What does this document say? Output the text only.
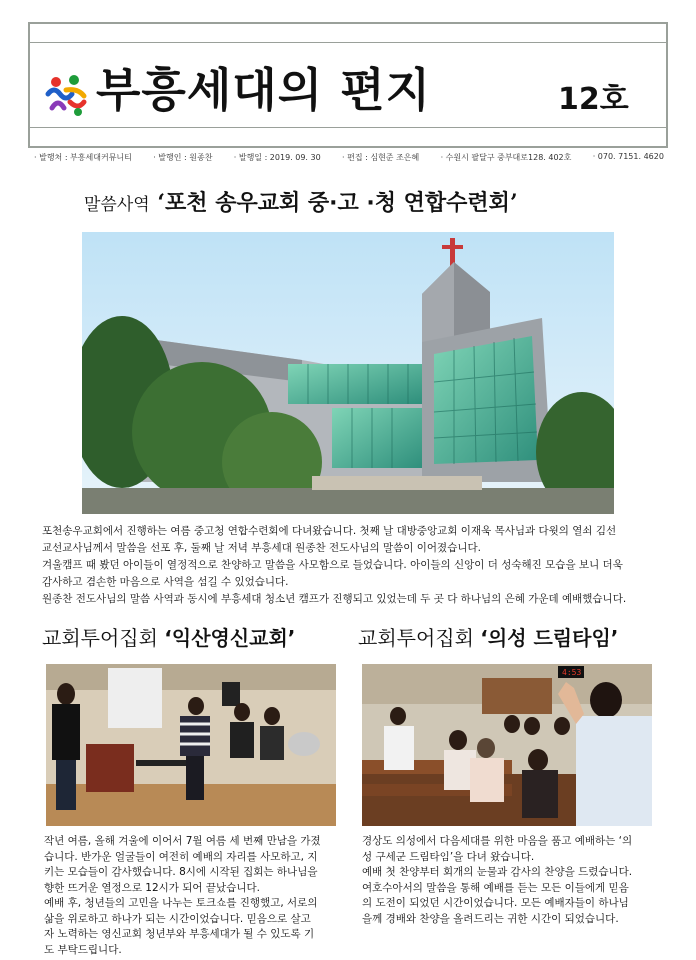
부흥세대의 편지	12호
· 발행처 : 부흥세대커뮤니티	· 발행인 : 원종찬	· 발행일 : 2019. 09. 30	· 편집 : 심현준 조은혜	· 수원시 팔달구 중부대로128. 402호	· 070. 7151. 4620
말씀사역 ‘포천 송우교회 중·고 ·청 연합수련회’

포천송우교회에서 진행하는 여름 중고청 연합수련회에 다녀왔습니다. 첫째 날 대방중앙교회 이재욱 목사님과 다윗의 열쇠 김선

교선교사님께서 말씀을 선포 후, 둘째 날 저녁 부흥세대 원종찬 전도사님의 말씀이 이어졌습니다.

겨울캠프 때 봤던 아이들이 열정적으로 찬양하고 말씀을 사모함으로 들었습니다. 아이들의 신앙이 더 성숙해진 모습을 보니 더욱

감사하고 겸손한 마음으로 사역을 섬길 수 있었습니다.

원종찬 전도사님의 말씀 사역과 동시에 부흥세대 청소년 캠프가 진행되고 있었는데 두 곳 다 하나님의 은혜 가운데 예배했습니다.

교회투어집회 ‘익산영신교회’	교회투어집회 ‘의성 드림타임’
4:53

작년 여름, 올해 겨울에 이어서 7월 여름 세 번째 만남을 가졌

습니다. 반가운 얼굴들이 여전히 예배의 자리를 사모하고, 지

키는 모습들이 감사했습니다. 8시에 시작된 집회는 하나님을

향한 뜨거운 열정으로 12시가 되어 끝났습니다.

예배 후, 청년들의 고민을 나누는 토크쇼를 진행했고, 서로의

삶을 위로하고 하나가 되는 시간이었습니다. 믿음으로 살고

자 노력하는 영신교회 청년부와 부흥세대가 될 수 있도록 기

도 부탁드립니다.

경상도 의성에서 다음세대를 위한 마음을 품고 예배하는 ‘의

성 구세군 드림타임’을 다녀 왔습니다.

예배 첫 찬양부터 회개의 눈물과 감사의 찬양을 드렸습니다.

여호수아서의 말씀을 통해 예배를 듣는 모든 이들에게 믿음

의 도전이 되었던 시간이었습니다. 모든 예배자들이 하나님

을께 경배와 찬양을 올려드리는 귀한 시간이 되었습니다.
